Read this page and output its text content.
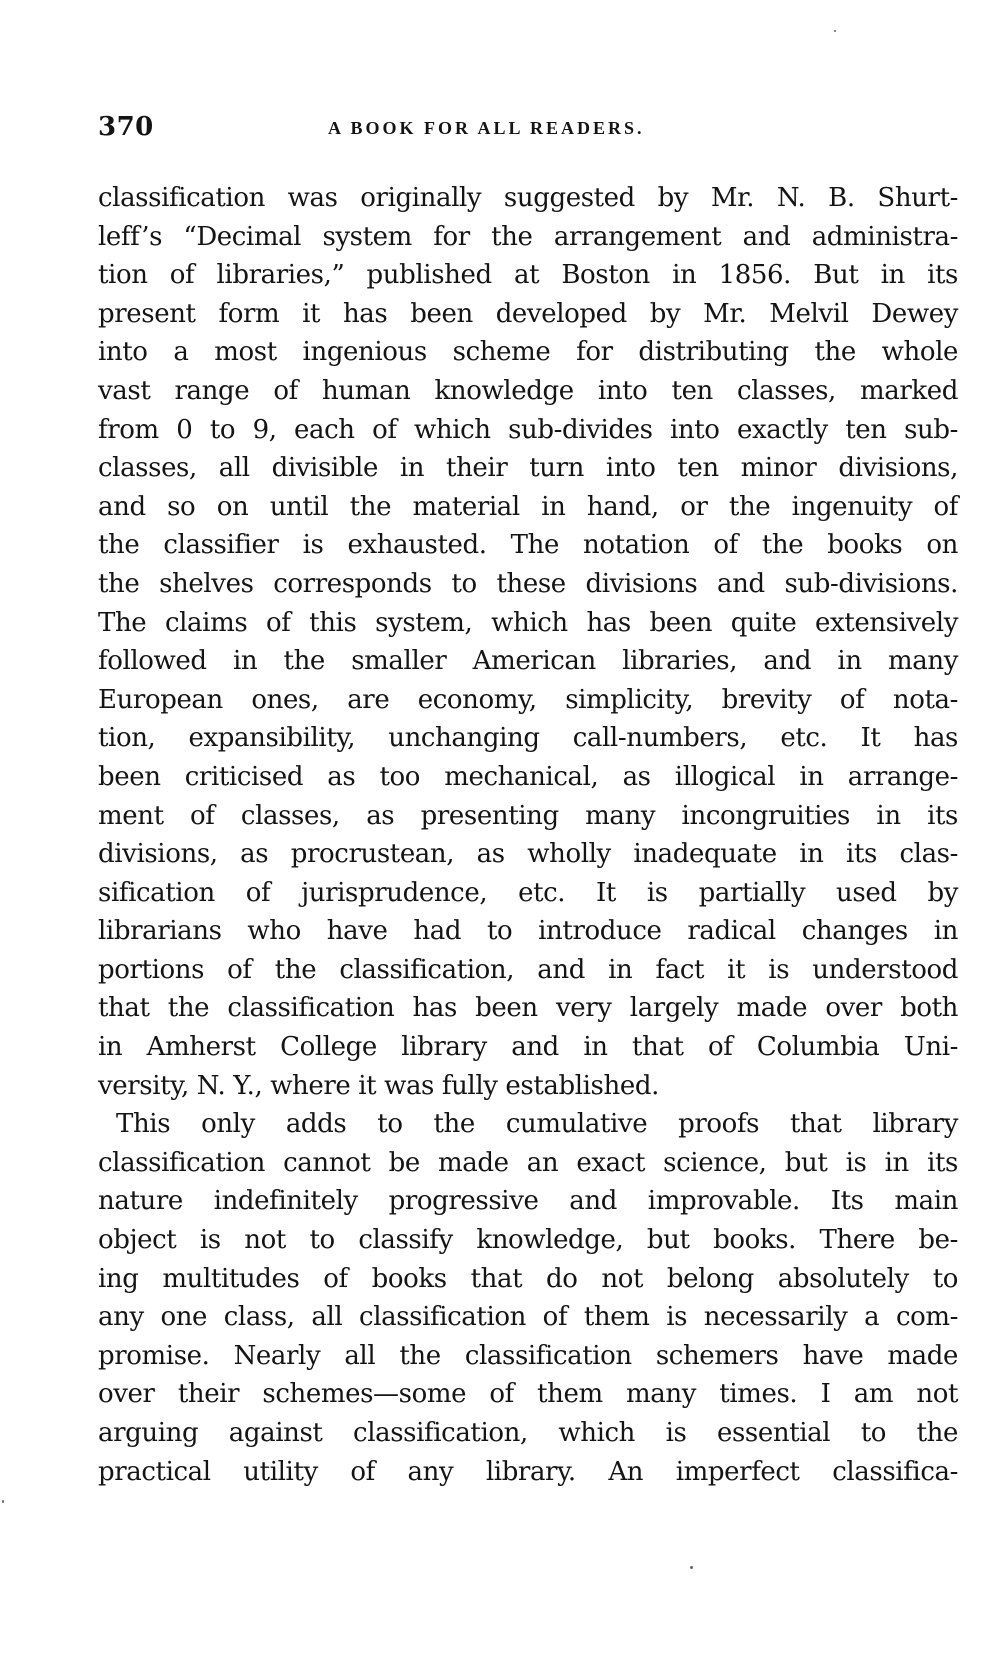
370	A BOOK FOR ALL READERS.
classification was originally suggested by Mr. N. B. Shurt-
leff’s “Decimal system for the arrangement and administra-
tion of libraries,” published at Boston in 1856. But in its
present form it has been developed by Mr. Melvil Dewey
into a most ingenious scheme for distributing the whole
vast range of human knowledge into ten classes, marked
from 0 to 9, each of which sub-divides into exactly ten sub-
classes, all divisible in their turn into ten minor divisions,
and so on until the material in hand, or the ingenuity of
the classifier is exhausted. The notation of the books on
the shelves corresponds to these divisions and sub-divisions.
The claims of this system, which has been quite extensively
followed in the smaller American libraries, and in many
European ones, are economy, simplicity, brevity of nota-
tion, expansibility, unchanging call-numbers, etc. It has
been criticised as too mechanical, as illogical in arrange-
ment of classes, as presenting many incongruities in its
divisions, as procrustean, as wholly inadequate in its clas-
sification of jurisprudence, etc. It is partially used by
librarians who have had to introduce radical changes in
portions of the classification, and in fact it is understood
that the classification has been very largely made over both
in Amherst College library and in that of Columbia Uni-
versity, N. Y., where it was fully established.
This only adds to the cumulative proofs that library
classification cannot be made an exact science, but is in its
nature indefinitely progressive and improvable. Its main
object is not to classify knowledge, but books. There be-
ing multitudes of books that do not belong absolutely to
any one class, all classification of them is necessarily a com-
promise. Nearly all the classification schemers have made
over their schemes—some of them many times. I am not
arguing against classification, which is essential to the
practical utility of any library. An imperfect classifica-
